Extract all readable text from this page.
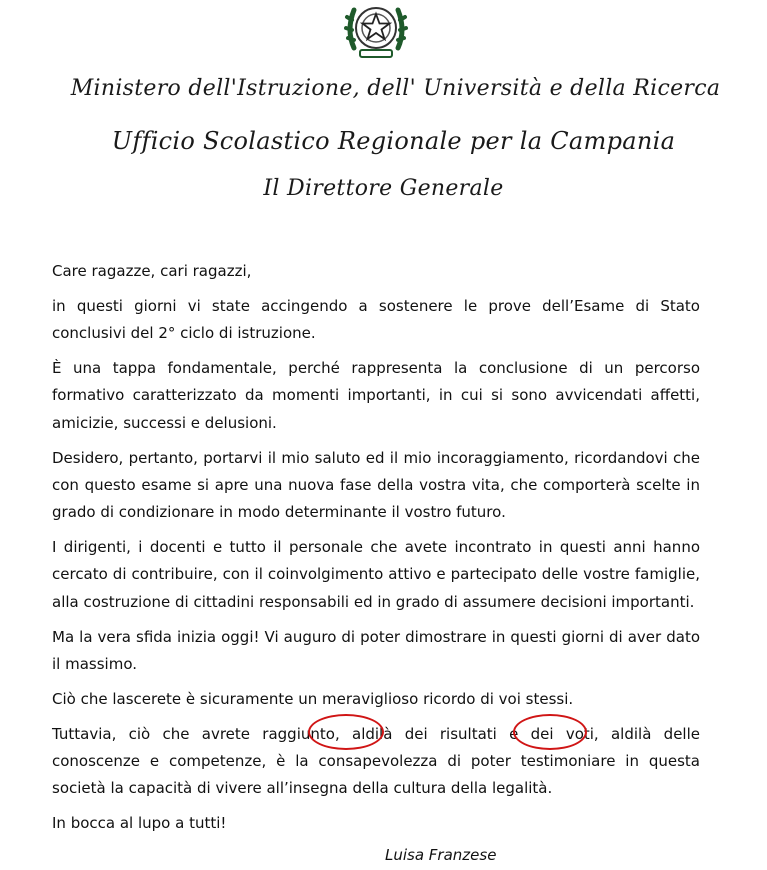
Ministero dell'Istruzione, dell' Università e della Ricerca
Ufficio Scolastico Regionale per la Campania
Il Direttore Generale

Care ragazze, cari ragazzi,

in questi giorni vi state accingendo a sostenere le prove dell’Esame di Stato conclusivi del 2° ciclo di istruzione.

È una tappa fondamentale, perché rappresenta la conclusione di un percorso formativo caratterizzato da momenti importanti, in cui si sono avvicendati affetti, amicizie, successi e delusioni.

Desidero, pertanto, portarvi il mio saluto ed il mio incoraggiamento, ricordandovi che con questo esame si apre una nuova fase della vostra vita, che comporterà scelte in grado di condizionare in modo determinante il vostro futuro.

I dirigenti, i docenti e tutto il personale che avete incontrato in questi anni hanno cercato di contribuire, con il coinvolgimento attivo e partecipato delle vostre famiglie, alla costruzione di cittadini responsabili ed in grado di assumere decisioni importanti.

Ma la vera sfida inizia oggi! Vi auguro di poter dimostrare in questi giorni di aver dato il massimo.

Ciò che lascerete è sicuramente un meraviglioso ricordo di voi stessi.

Tuttavia, ciò che avrete raggiunto, aldilà dei risultati e dei voti, aldilà delle conoscenze e competenze, è la consapevolezza di poter testimoniare in questa società la capacità di vivere all’insegna della cultura della legalità.

In bocca al lupo a tutti!

Luisa Franzese
